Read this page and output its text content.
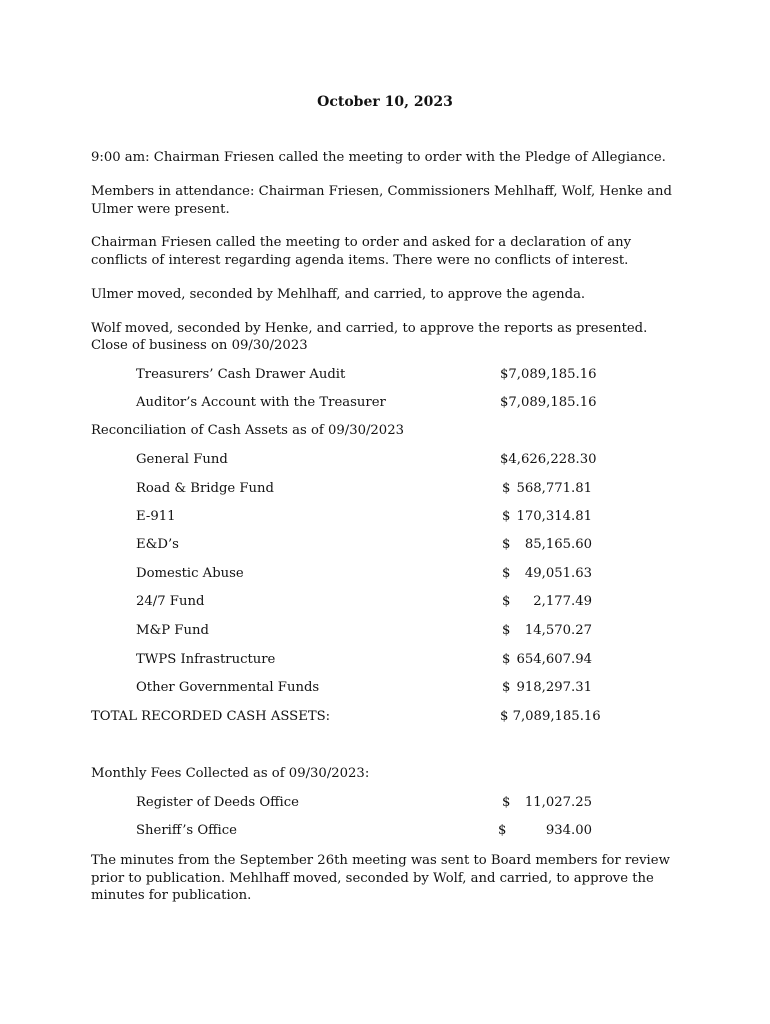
October 10, 2023
9:00 am: Chairman Friesen called the meeting to order with the Pledge of Allegiance.
Members in attendance: Chairman Friesen, Commissioners Mehlhaff, Wolf, Henke and Ulmer were present.
Chairman Friesen called the meeting to order and asked for a declaration of any conflicts of interest regarding agenda items. There were no conflicts of interest.
Ulmer moved, seconded by Mehlhaff, and carried, to approve the agenda.
Wolf moved, seconded by Henke, and carried, to approve the reports as presented.
Close of business on 09/30/2023
Treasurers’ Cash Drawer Audit	$7,089,185.16
Auditor’s Account with the Treasurer	$7,089,185.16
Reconciliation of Cash Assets as of 09/30/2023
General Fund	$4,626,228.30
Road & Bridge Fund	$ 568,771.81
E-911	$ 170,314.81
E&D’s	$ 85,165.60
Domestic Abuse	$ 49,051.63
24/7 Fund	$ 2,177.49
M&P Fund	$ 14,570.27
TWPS Infrastructure	$ 654,607.94
Other Governmental Funds	$ 918,297.31
TOTAL RECORDED CASH ASSETS:	$ 7,089,185.16
Monthly Fees Collected as of 09/30/2023:
Register of Deeds Office	$ 11,027.25
Sheriff’s Office	$	934.00
The minutes from the September 26th meeting was sent to Board members for review prior to publication. Mehlhaff moved, seconded by Wolf, and carried, to approve the minutes for publication.
